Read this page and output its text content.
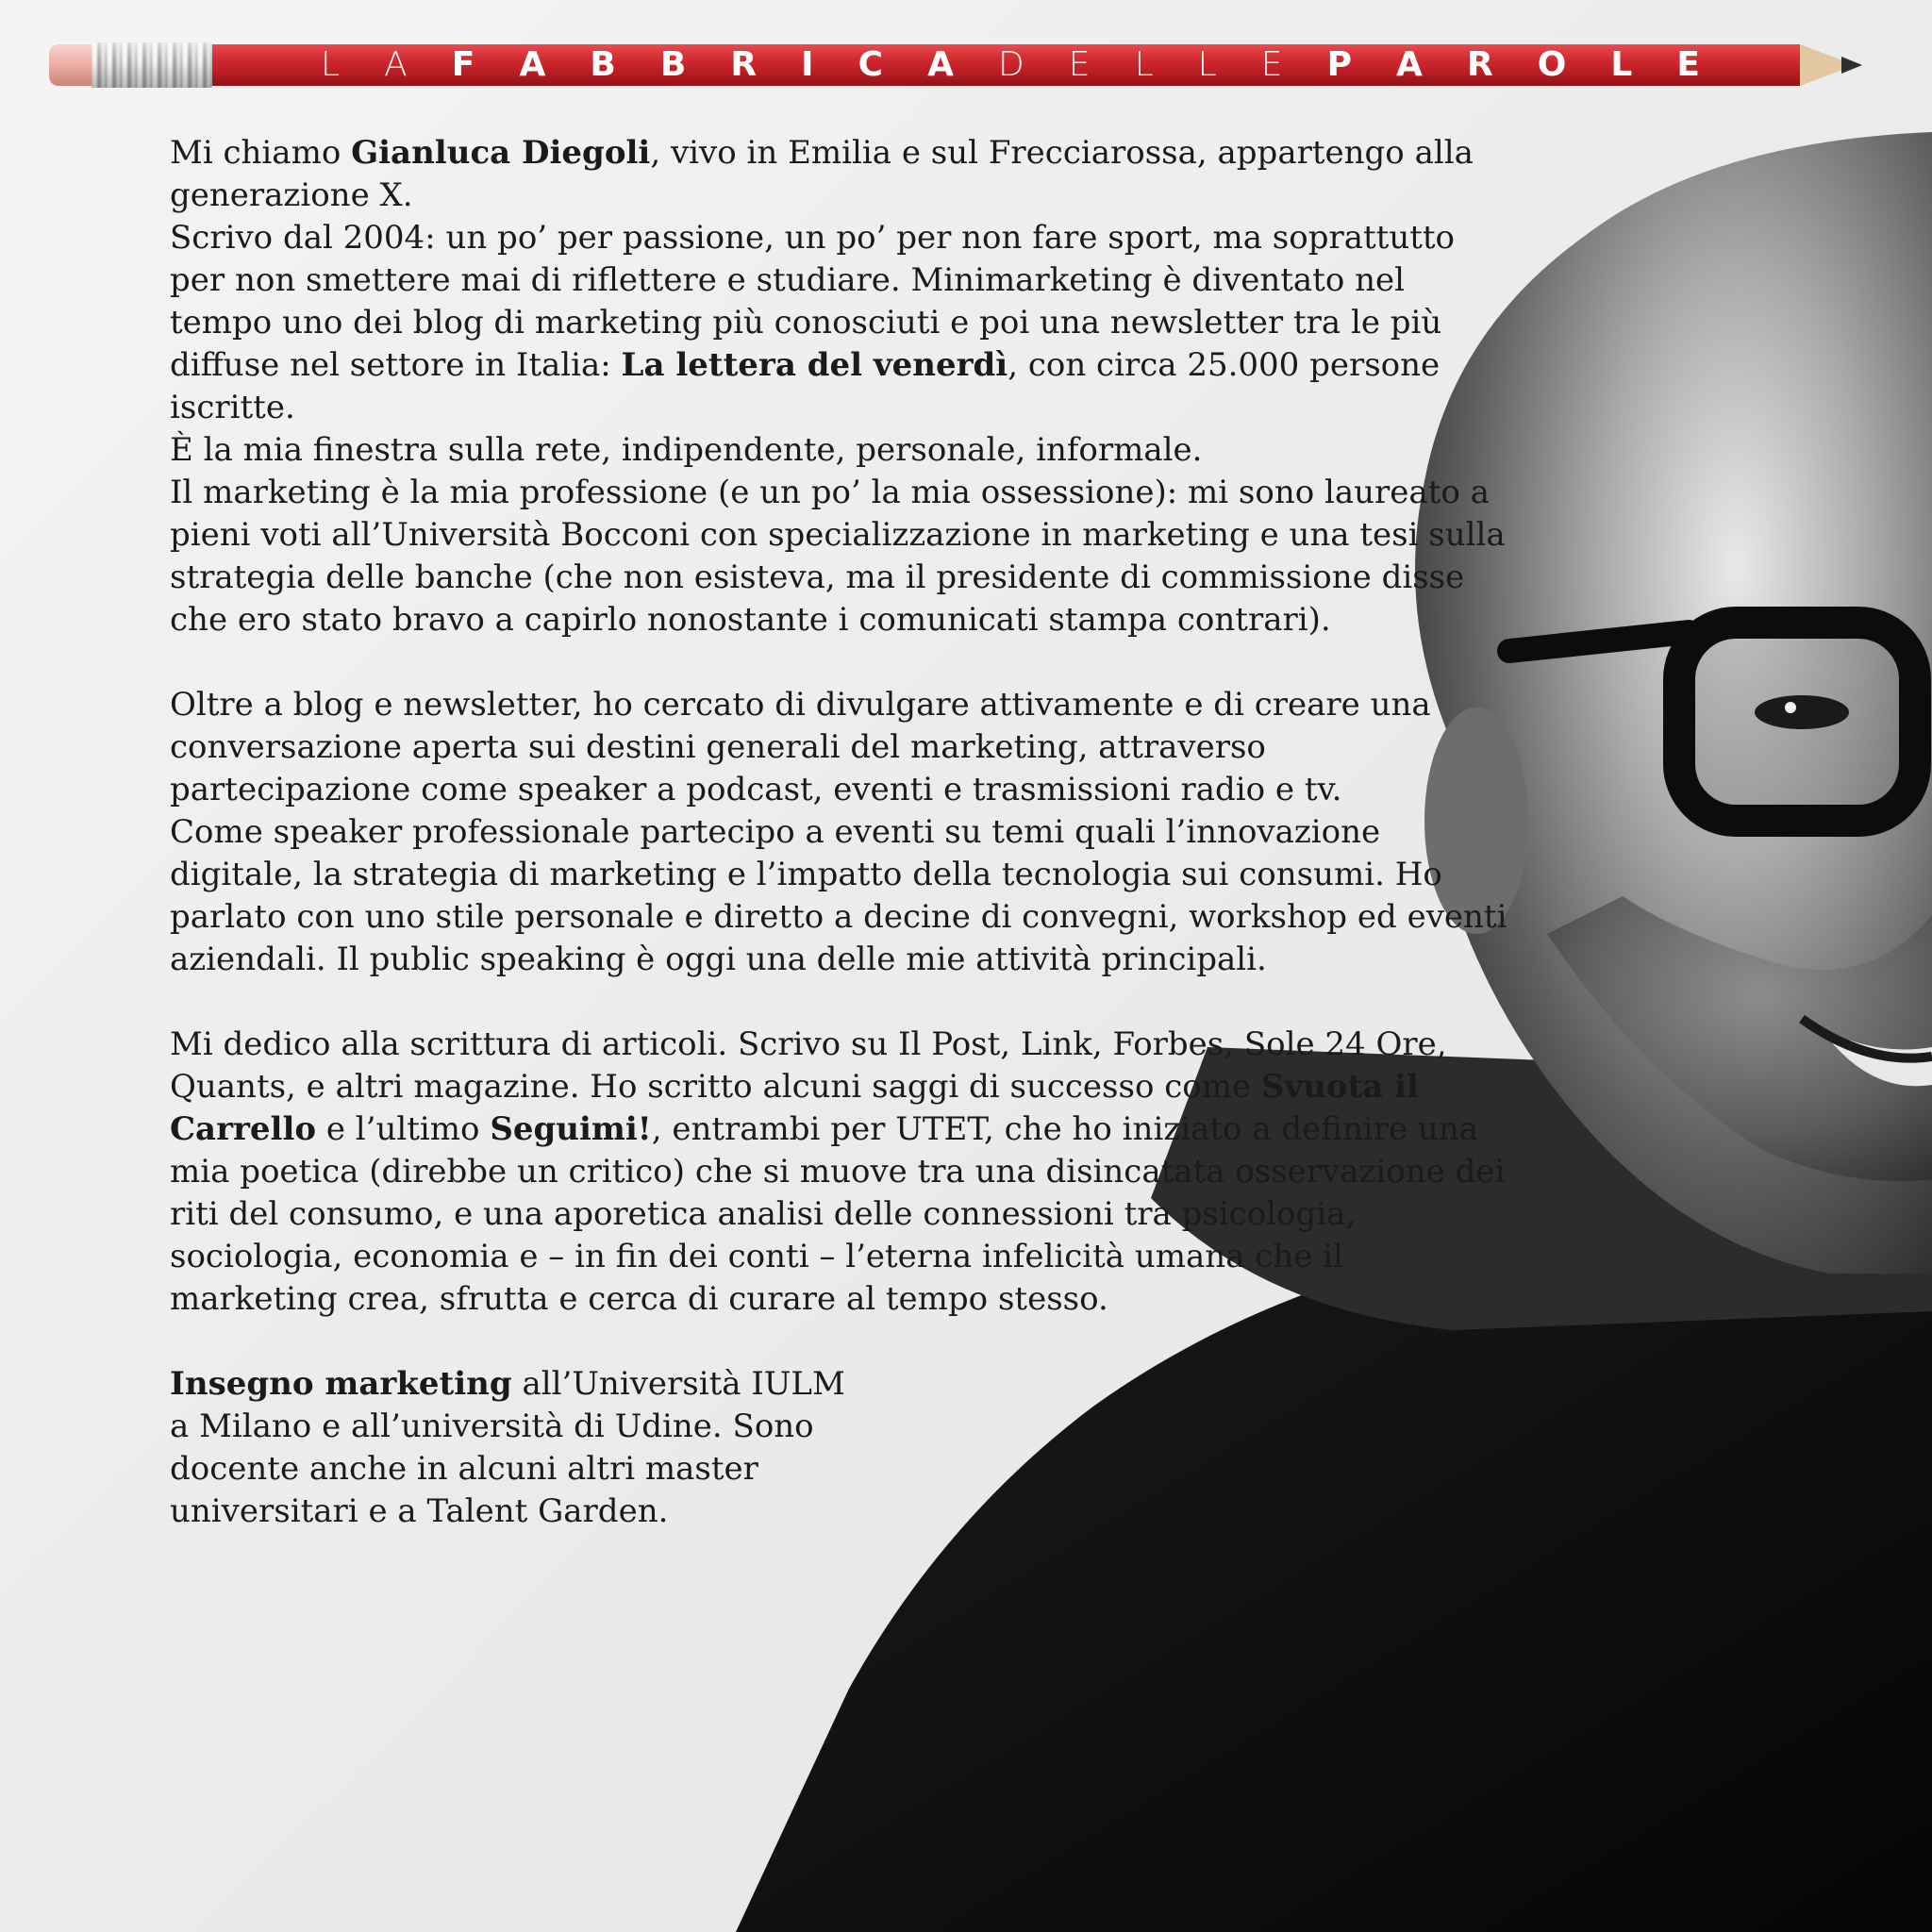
L A F A B B R I C A D E L L E P A R O L E

Mi chiamo Gianluca Diegoli, vivo in Emilia e sul Frecciarossa, appartengo alla generazione X.

Scrivo dal 2004: un po’ per passione, un po’ per non fare sport, ma soprattutto per non smettere mai di riflettere e studiare. Minimarketing è diventato nel tempo uno dei blog di marketing più conosciuti e poi una newsletter tra le più diffuse nel settore in Italia: La lettera del venerdì, con circa 25.000 persone iscritte.

È la mia finestra sulla rete, indipendente, personale, informale.

Il marketing è la mia professione (e un po’ la mia ossessione): mi sono laureato a pieni voti all’Università Bocconi con specializzazione in marketing e una tesi sulla strategia delle banche (che non esisteva, ma il presidente di commissione disse che ero stato bravo a capirlo nonostante i comunicati stampa contrari).

Oltre a blog e newsletter, ho cercato di divulgare attivamente e di creare una conversazione aperta sui destini generali del marketing, attraverso partecipazione come speaker a podcast, eventi e trasmissioni radio e tv.

Come speaker professionale partecipo a eventi su temi quali l’innovazione digitale, la strategia di marketing e l’impatto della tecnologia sui consumi. Ho parlato con uno stile personale e diretto a decine di convegni, workshop ed eventi aziendali. Il public speaking è oggi una delle mie attività principali.

Mi dedico alla scrittura di articoli. Scrivo su Il Post, Link, Forbes, Sole 24 Ore, Quants, e altri magazine. Ho scritto alcuni saggi di successo come Svuota il Carrello e l’ultimo Seguimi!, entrambi per UTET, che ho iniziato a definire una mia poetica (direbbe un critico) che si muove tra una disincatata osservazione dei riti del consumo, e una aporetica analisi delle connessioni tra psicologia, sociologia, economia e – in fin dei conti – l’eterna infelicità umana che il marketing crea, sfrutta e cerca di curare al tempo stesso.

Insegno marketing all’Università IULM a Milano e all’università di Udine. Sono docente anche in alcuni altri master universitari e a Talent Garden.
